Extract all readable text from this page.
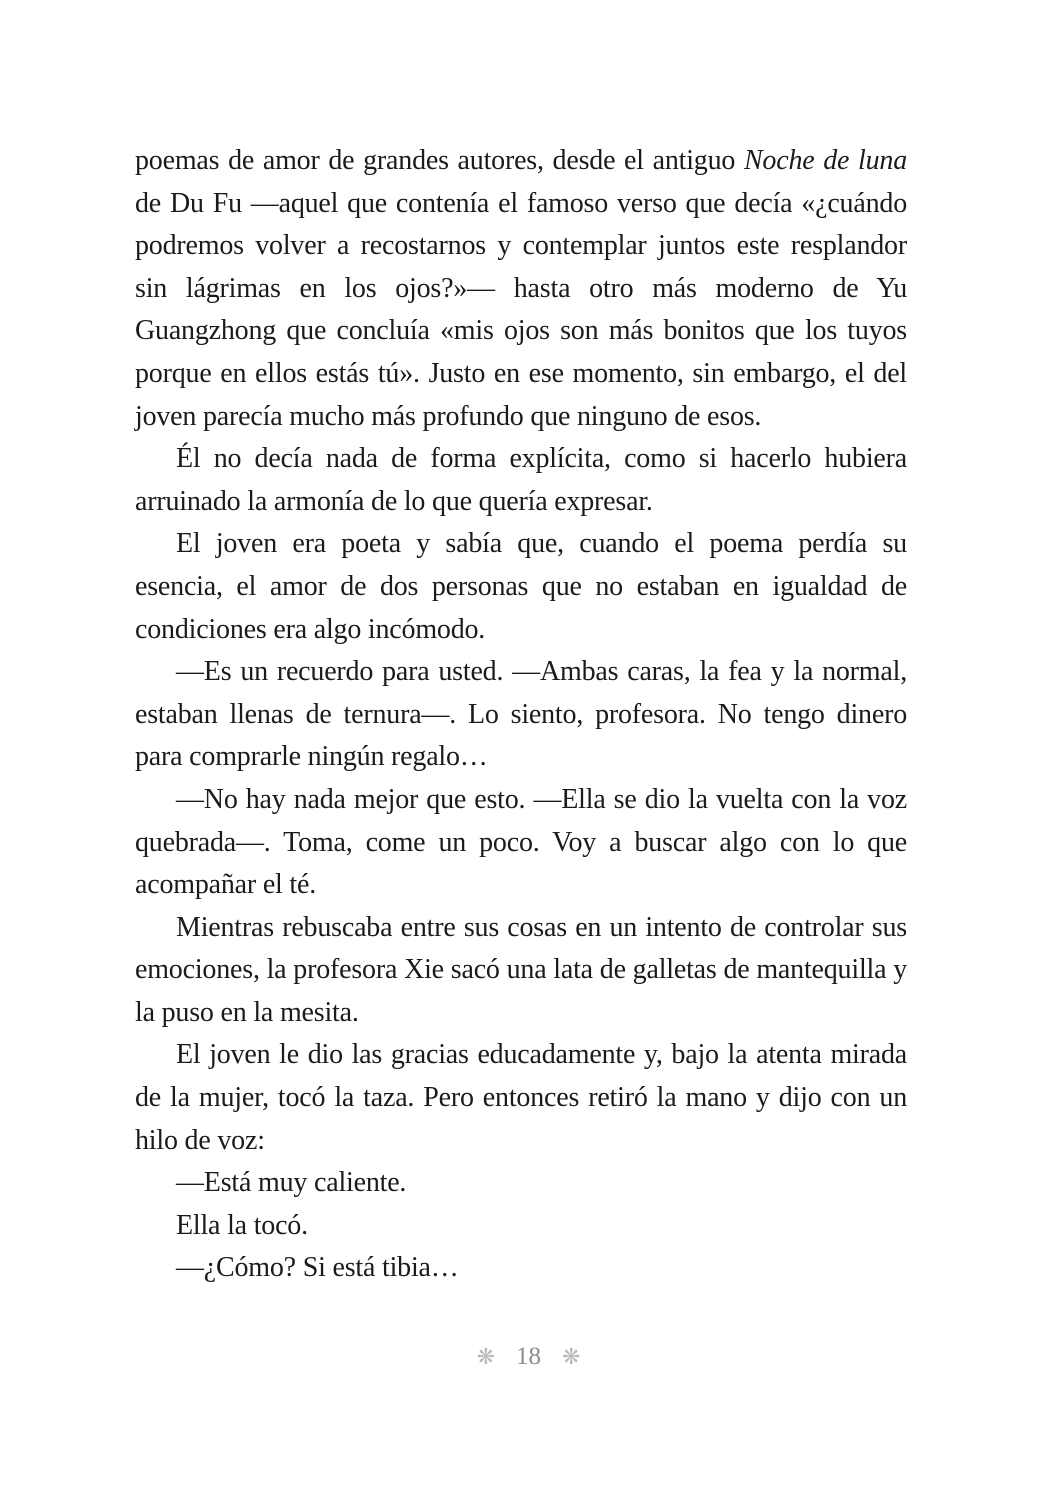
poemas de amor de grandes autores, desde el antiguo Noche de luna de Du Fu —aquel que contenía el famoso verso que decía «¿cuándo podremos volver a recostarnos y contemplar juntos este resplandor sin lágrimas en los ojos?»— hasta otro más moderno de Yu Guangzhong que concluía «mis ojos son más bonitos que los tuyos porque en ellos estás tú». Justo en ese momento, sin embargo, el del joven parecía mucho más profundo que ninguno de esos.

Él no decía nada de forma explícita, como si hacerlo hubiera arruinado la armonía de lo que quería expresar.

El joven era poeta y sabía que, cuando el poema perdía su esencia, el amor de dos personas que no estaban en igualdad de condiciones era algo incómodo.

—Es un recuerdo para usted. —Ambas caras, la fea y la normal, estaban llenas de ternura—. Lo siento, profesora. No tengo dinero para comprarle ningún regalo…

—No hay nada mejor que esto. —Ella se dio la vuelta con la voz quebrada—. Toma, come un poco. Voy a buscar algo con lo que acompañar el té.

Mientras rebuscaba entre sus cosas en un intento de controlar sus emociones, la profesora Xie sacó una lata de galletas de mantequilla y la puso en la mesita.

El joven le dio las gracias educadamente y, bajo la atenta mirada de la mujer, tocó la taza. Pero entonces retiró la mano y dijo con un hilo de voz:

—Está muy caliente.

Ella la tocó.

—¿Cómo? Si está tibia…

❋ 18 ❋
